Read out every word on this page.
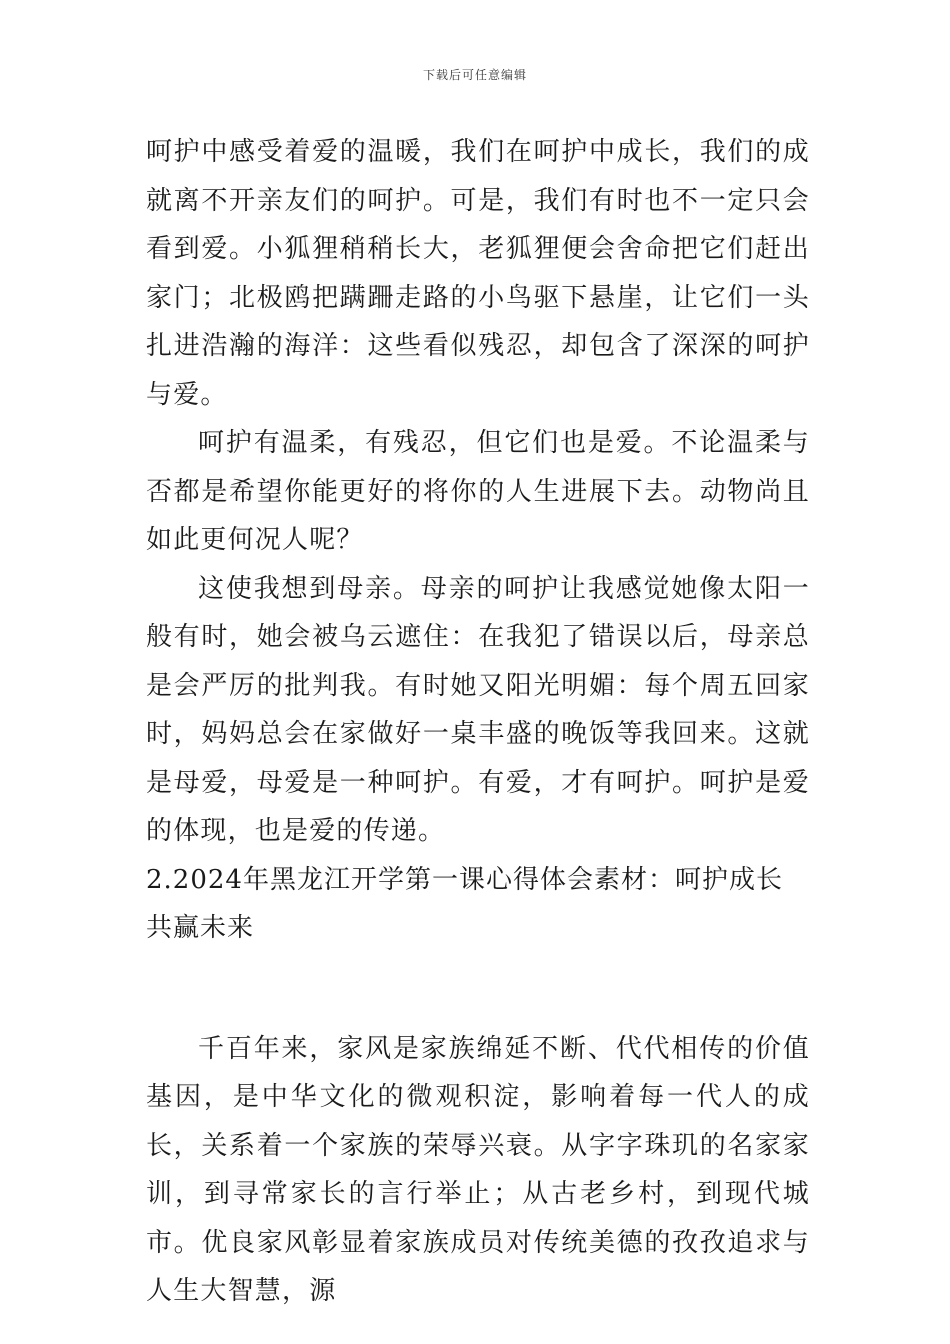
下载后可任意编辑

呵护中感受着爱的温暖，我们在呵护中成长，我们的成就离不开亲友们的呵护。可是，我们有时也不一定只会看到爱。小狐狸稍稍长大，老狐狸便会舍命把它们赶出家门；北极鸥把蹒跚走路的小鸟驱下悬崖，让它们一头扎进浩瀚的海洋：这些看似残忍，却包含了深深的呵护与爱。

呵护有温柔，有残忍，但它们也是爱。不论温柔与否都是希望你能更好的将你的人生进展下去。动物尚且如此更何况人呢？

这使我想到母亲。母亲的呵护让我感觉她像太阳一般有时，她会被乌云遮住：在我犯了错误以后，母亲总是会严厉的批判我。有时她又阳光明媚：每个周五回家时，妈妈总会在家做好一桌丰盛的晚饭等我回来。这就是母爱，母爱是一种呵护。有爱，才有呵护。呵护是爱的体现，也是爱的传递。

2.2024年黑龙江开学第一课心得体会素材：呵护成长 共赢未来

千百年来，家风是家族绵延不断、代代相传的价值基因，是中华文化的微观积淀，影响着每一代人的成长，关系着一个家族的荣辱兴衰。从字字珠玑的名家家训，到寻常家长的言行举止；从古老乡村，到现代城市。优良家风彰显着家族成员对传统美德的孜孜追求与人生大智慧，源
